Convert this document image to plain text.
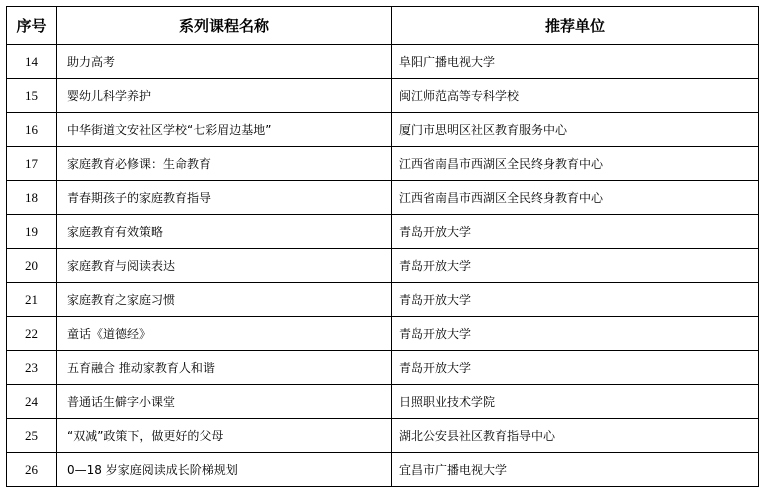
序号	系列课程名称	推荐单位
14	助力高考	阜阳广播电视大学
15	婴幼儿科学养护	闽江师范高等专科学校
16	中华街道文安社区学校“七彩眉边基地”	厦门市思明区社区教育服务中心
17	家庭教育必修课：生命教育	江西省南昌市西湖区全民终身教育中心
18	青春期孩子的家庭教育指导	江西省南昌市西湖区全民终身教育中心
19	家庭教育有效策略	青岛开放大学
20	家庭教育与阅读表达	青岛开放大学
21	家庭教育之家庭习惯	青岛开放大学
22	童话《道德经》	青岛开放大学
23	五育融合 推动家教育人和谐	青岛开放大学
24	普通话生僻字小课堂	日照职业技术学院
25	“双减”政策下，做更好的父母	湖北公安县社区教育指导中心
26	0—18 岁家庭阅读成长阶梯规划	宜昌市广播电视大学
